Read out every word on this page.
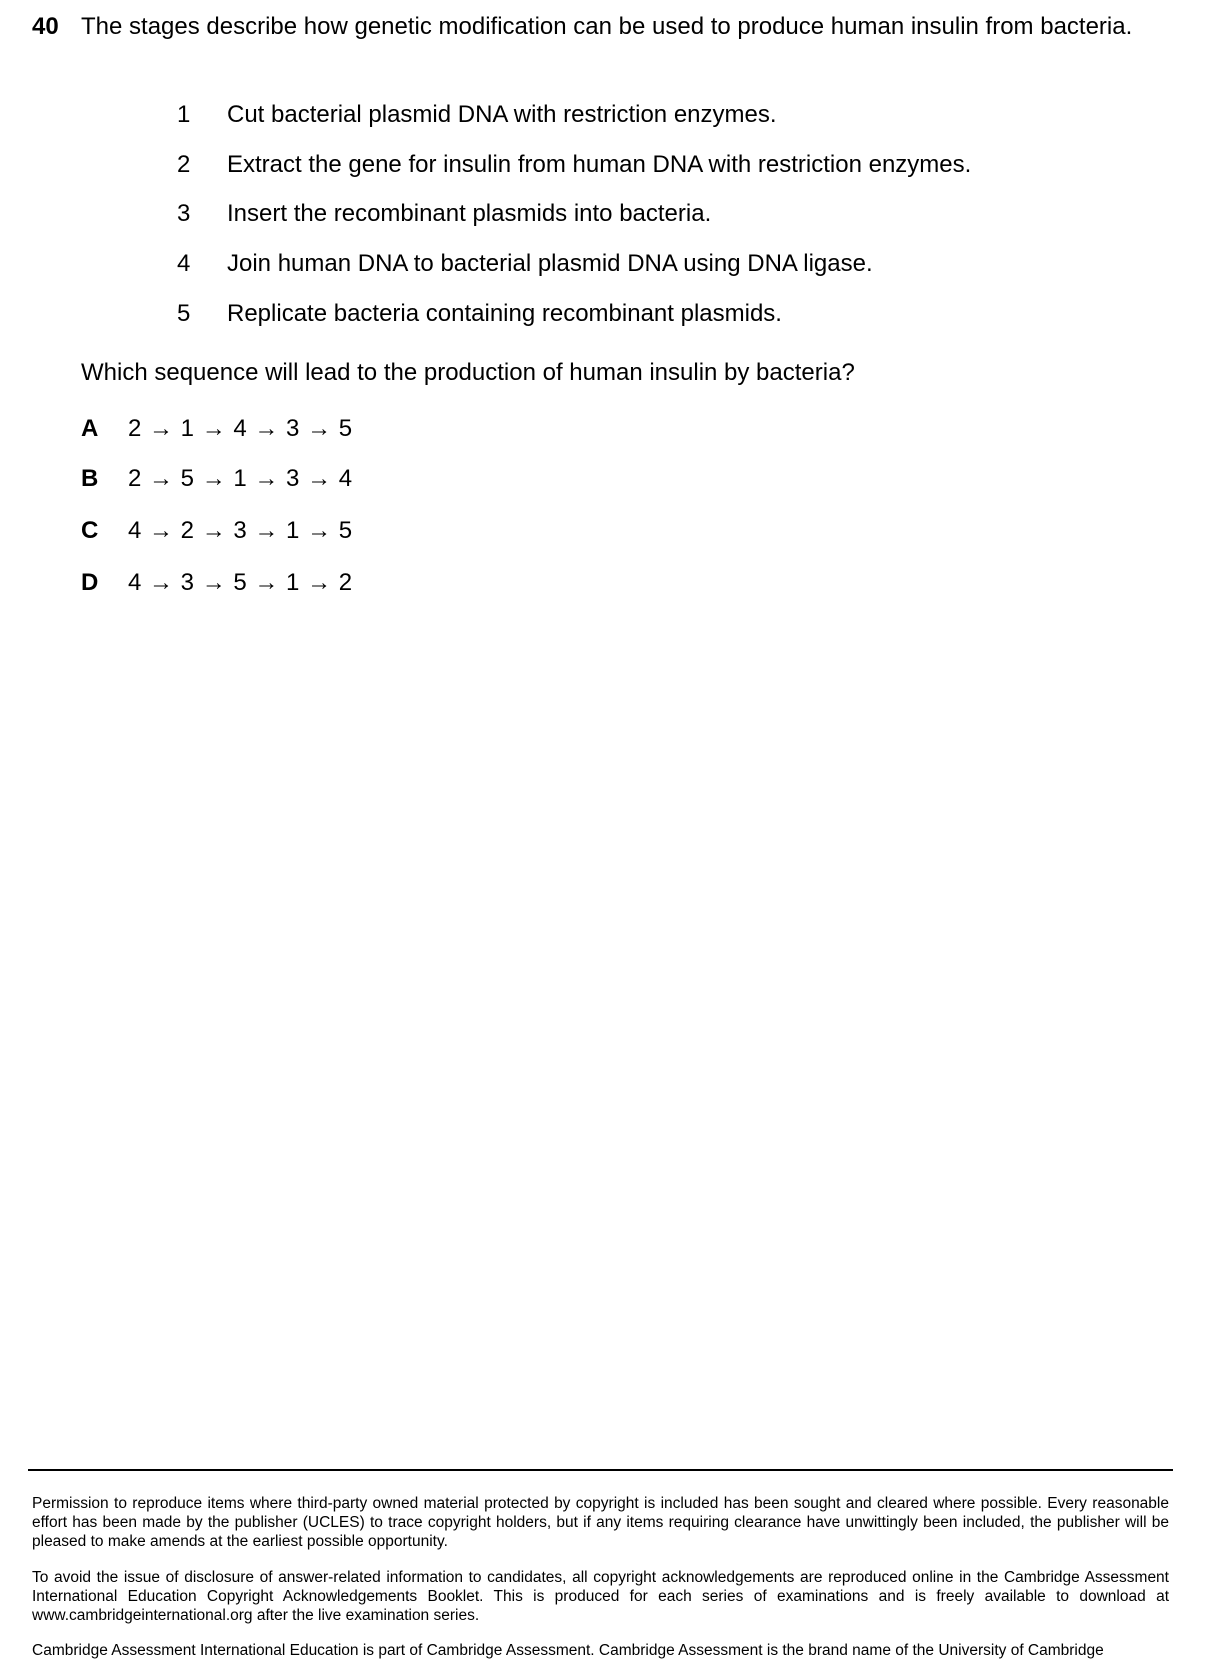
40 The stages describe how genetic modification can be used to produce human insulin from bacteria.
1	Cut bacterial plasmid DNA with restriction enzymes.
2	Extract the gene for insulin from human DNA with restriction enzymes.
3	Insert the recombinant plasmids into bacteria.
4	Join human DNA to bacterial plasmid DNA using DNA ligase.
5	Replicate bacteria containing recombinant plasmids.
Which sequence will lead to the production of human insulin by bacteria?
A 2 → 1 → 4 → 3 → 5
B 2 → 5 → 1 → 3 → 4
C 4 → 2 → 3 → 1 → 5
D 4 → 3 → 5 → 1 → 2
Permission to reproduce items where third-party owned material protected by copyright is included has been sought and cleared where possible. Every reasonable effort has been made by the publisher (UCLES) to trace copyright holders, but if any items requiring clearance have unwittingly been included, the publisher will be pleased to make amends at the earliest possible opportunity.
To avoid the issue of disclosure of answer-related information to candidates, all copyright acknowledgements are reproduced online in the Cambridge Assessment International Education Copyright Acknowledgements Booklet. This is produced for each series of examinations and is freely available to download at www.cambridgeinternational.org after the live examination series.
Cambridge Assessment International Education is part of Cambridge Assessment. Cambridge Assessment is the brand name of the University of Cambridge
